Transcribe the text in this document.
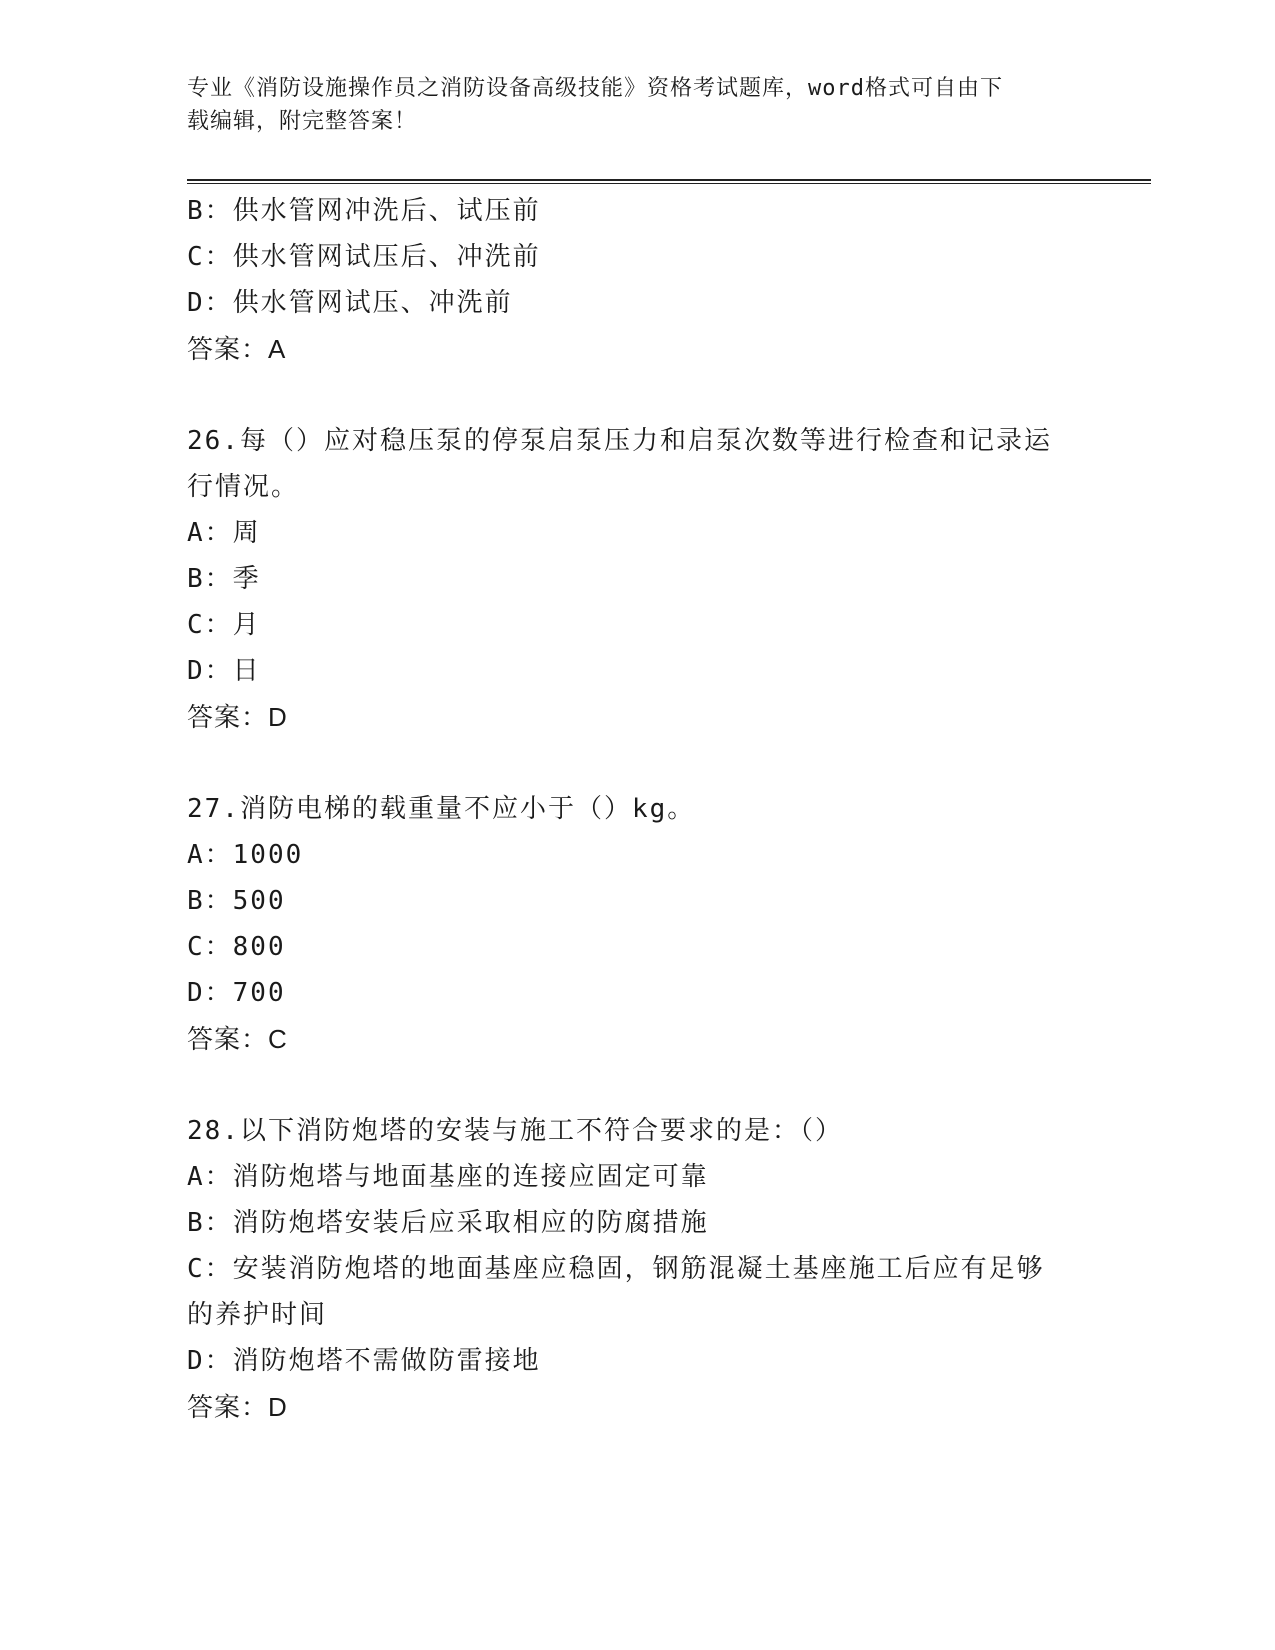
专业《消防设施操作员之消防设备高级技能》资格考试题库，word格式可自由下
载编辑，附完整答案！
B：供水管网冲洗后、试压前
C：供水管网试压后、冲洗前
D：供水管网试压、冲洗前
答案：A
26.每（）应对稳压泵的停泵启泵压力和启泵次数等进行检查和记录运
行情况。
A：周
B：季
C：月
D：日
答案：D
27.消防电梯的载重量不应小于（）kg。
A：1000
B：500
C：800
D：700
答案：C
28.以下消防炮塔的安装与施工不符合要求的是：（）
A：消防炮塔与地面基座的连接应固定可靠
B：消防炮塔安装后应采取相应的防腐措施
C：安装消防炮塔的地面基座应稳固，钢筋混凝土基座施工后应有足够
的养护时间
D：消防炮塔不需做防雷接地
答案：D
